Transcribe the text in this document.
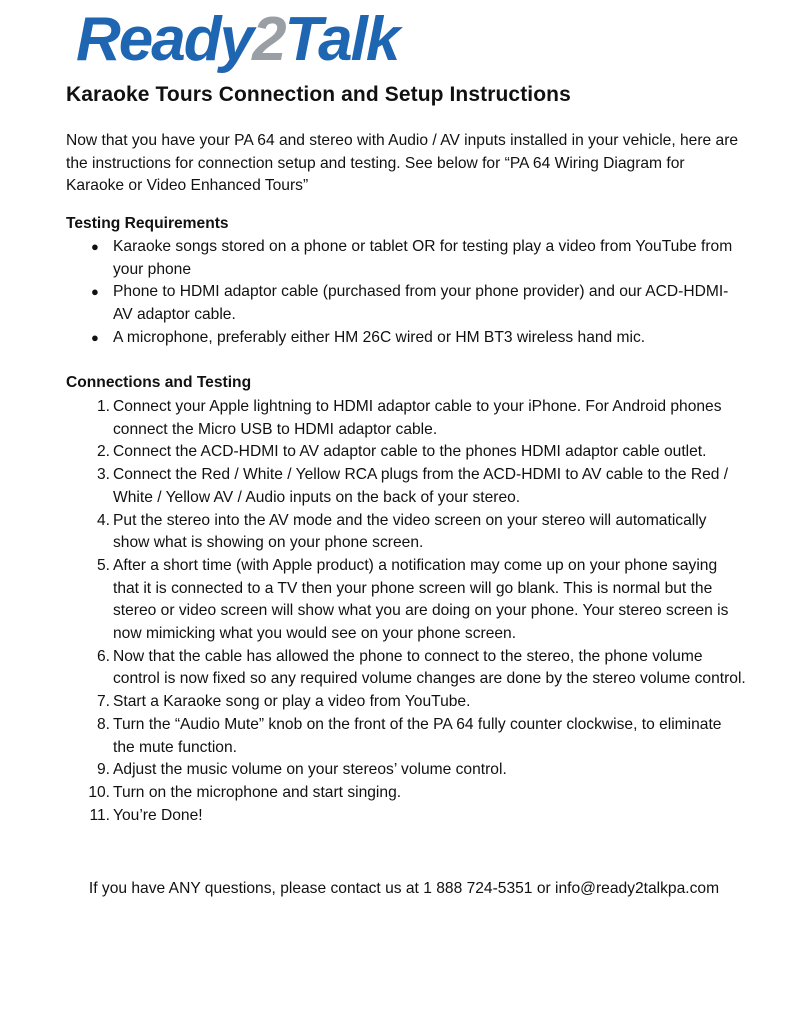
Ready2Talk
Karaoke Tours Connection and Setup Instructions

Now that you have your PA 64 and stereo with Audio / AV inputs installed in your vehicle, here are the instructions for connection setup and testing. See below for “PA 64 Wiring Diagram for Karaoke or Video Enhanced Tours”

Testing Requirements
● Karaoke songs stored on a phone or tablet OR for testing play a video from YouTube from your phone
● Phone to HDMI adaptor cable (purchased from your phone provider) and our ACD-HDMI-AV adaptor cable.
● A microphone, preferably either HM 26C wired or HM BT3 wireless hand mic.
Connections and Testing
1. Connect your Apple lightning to HDMI adaptor cable to your iPhone. For Android phones connect the Micro USB to HDMI adaptor cable.
2. Connect the ACD-HDMI to AV adaptor cable to the phones HDMI adaptor cable outlet.
3. Connect the Red / White / Yellow RCA plugs from the ACD-HDMI to AV cable to the Red / White / Yellow AV / Audio inputs on the back of your stereo.
4. Put the stereo into the AV mode and the video screen on your stereo will automatically show what is showing on your phone screen.
5. After a short time (with Apple product) a notification may come up on your phone saying that it is connected to a TV then your phone screen will go blank. This is normal but the stereo or video screen will show what you are doing on your phone. Your stereo screen is now mimicking what you would see on your phone screen.
6. Now that the cable has allowed the phone to connect to the stereo, the phone volume control is now fixed so any required volume changes are done by the stereo volume control.
7. Start a Karaoke song or play a video from YouTube.
8. Turn the “Audio Mute” knob on the front of the PA 64 fully counter clockwise, to eliminate the mute function.
9. Adjust the music volume on your stereos’ volume control.
10. Turn on the microphone and start singing.
11. You’re Done!

If you have ANY questions, please contact us at 1 888 724-5351 or info@ready2talkpa.com
